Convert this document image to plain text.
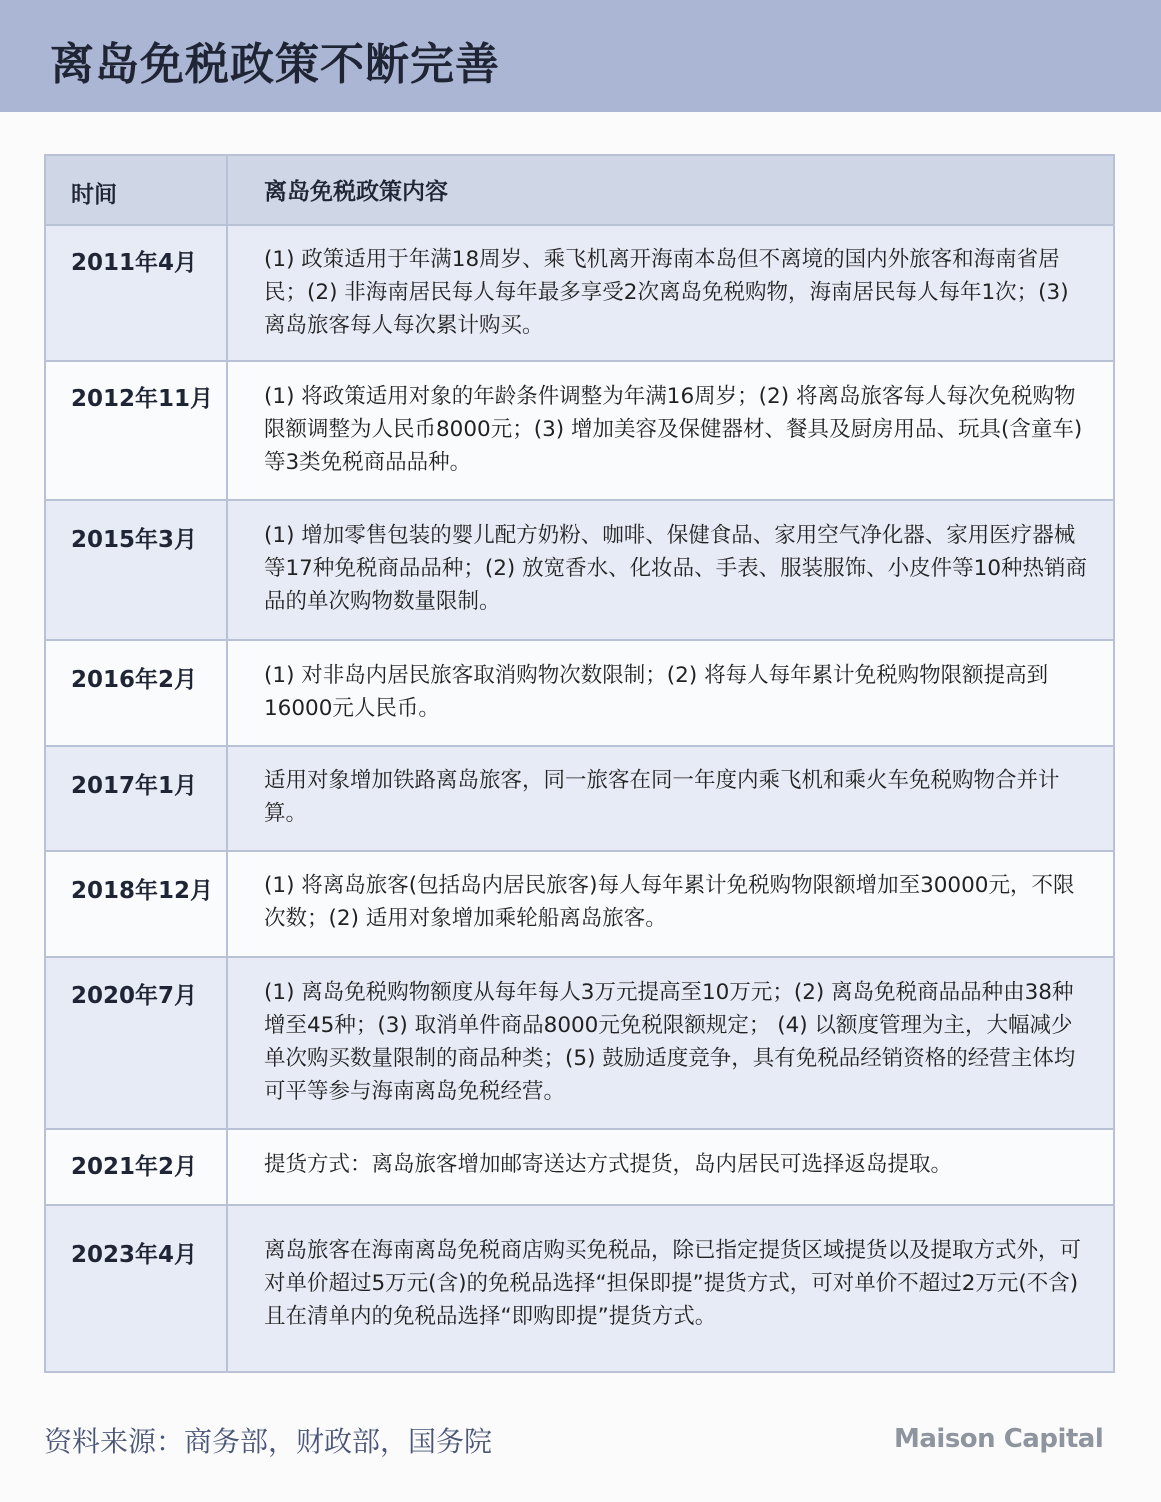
离岛免税政策不断完善
时间	离岛免税政策内容
2011年4月	(1) 政策适用于年满18周岁、乘飞机离开海南本岛但不离境的国内外旅客和海南省居民；(2) 非海南居民每人每年最多享受2次离岛免税购物，海南居民每人每年1次；(3)离岛旅客每人每次累计购买。
2012年11月	(1) 将政策适用对象的年龄条件调整为年满16周岁；(2) 将离岛旅客每人每次免税购物限额调整为人民币8000元；(3) 增加美容及保健器材、餐具及厨房用品、玩具(含童车)等3类免税商品品种。
2015年3月	(1) 增加零售包装的婴儿配方奶粉、咖啡、保健食品、家用空气净化器、家用医疗器械等17种免税商品品种；(2) 放宽香水、化妆品、手表、服装服饰、小皮件等10种热销商品的单次购物数量限制。
2016年2月	(1) 对非岛内居民旅客取消购物次数限制；(2) 将每人每年累计免税购物限额提高到16000元人民币。
2017年1月	适用对象增加铁路离岛旅客，同一旅客在同一年度内乘飞机和乘火车免税购物合并计算。
2018年12月	(1) 将离岛旅客(包括岛内居民旅客)每人每年累计免税购物限额增加至30000元，不限次数；(2) 适用对象增加乘轮船离岛旅客。
2020年7月	(1) 离岛免税购物额度从每年每人3万元提高至10万元；(2) 离岛免税商品品种由38种增至45种；(3) 取消单件商品8000元免税限额规定； (4) 以额度管理为主，大幅减少单次购买数量限制的商品种类；(5) 鼓励适度竞争，具有免税品经销资格的经营主体均可平等参与海南离岛免税经营。
2021年2月	提货方式：离岛旅客增加邮寄送达方式提货，岛内居民可选择返岛提取。
2023年4月	离岛旅客在海南离岛免税商店购买免税品，除已指定提货区域提货以及提取方式外，可对单价超过5万元(含)的免税品选择“担保即提”提货方式，可对单价不超过2万元(不含)且在清单内的免税品选择“即购即提”提货方式。
资料来源：商务部，财政部，国务院	Maison Capital
